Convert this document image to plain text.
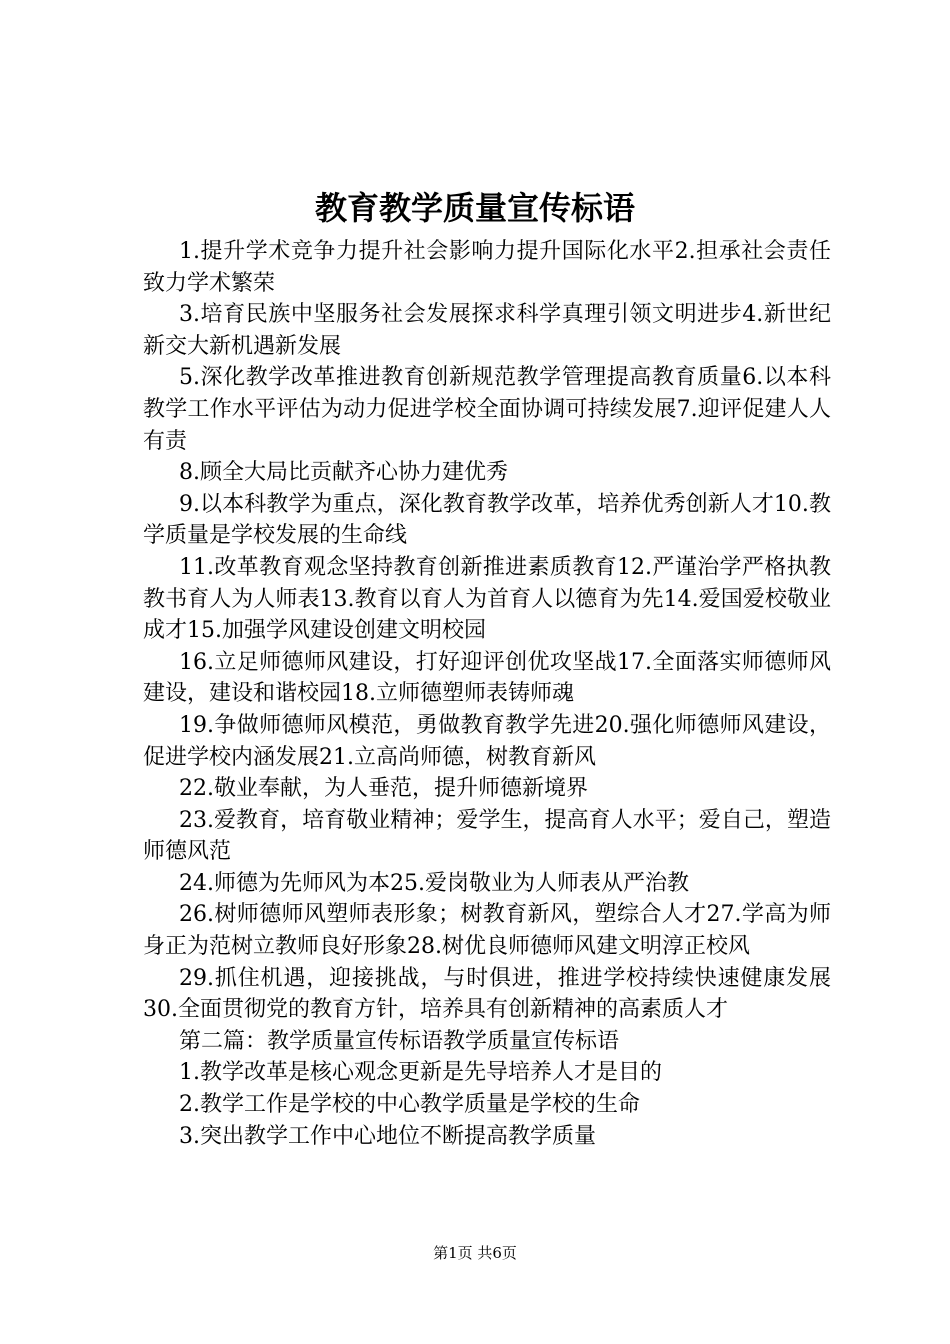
教育教学质量宣传标语

1.提升学术竞争力提升社会影响力提升国际化水平2.担承社会责任致力学术繁荣

3.培育民族中坚服务社会发展探求科学真理引领文明进步4.新世纪新交大新机遇新发展

5.深化教学改革推进教育创新规范教学管理提高教育质量6.以本科教学工作水平评估为动力促进学校全面协调可持续发展7.迎评促建人人有责

8.顾全大局比贡献齐心协力建优秀

9.以本科教学为重点，深化教育教学改革，培养优秀创新人才10.教学质量是学校发展的生命线

11.改革教育观念坚持教育创新推进素质教育12.严谨治学严格执教教书育人为人师表13.教育以育人为首育人以德育为先14.爱国爱校敬业成才15.加强学风建设创建文明校园

16.立足师德师风建设，打好迎评创优攻坚战17.全面落实师德师风建设，建设和谐校园18.立师德塑师表铸师魂

19.争做师德师风模范，勇做教育教学先进20.强化师德师风建设，促进学校内涵发展21.立高尚师德，树教育新风

22.敬业奉献，为人垂范，提升师德新境界

23.爱教育，培育敬业精神；爱学生，提高育人水平；爱自己，塑造师德风范

24.师德为先师风为本25.爱岗敬业为人师表从严治教

26.树师德师风塑师表形象；树教育新风，塑综合人才27.学高为师身正为范树立教师良好形象28.树优良师德师风建文明淳正校风

29.抓住机遇，迎接挑战，与时俱进，推进学校持续快速健康发展30.全面贯彻党的教育方针，培养具有创新精神的高素质人才

第二篇：教学质量宣传标语教学质量宣传标语

1.教学改革是核心观念更新是先导培养人才是目的

2.教学工作是学校的中心教学质量是学校的生命

3.突出教学工作中心地位不断提高教学质量

第1页 共6页
